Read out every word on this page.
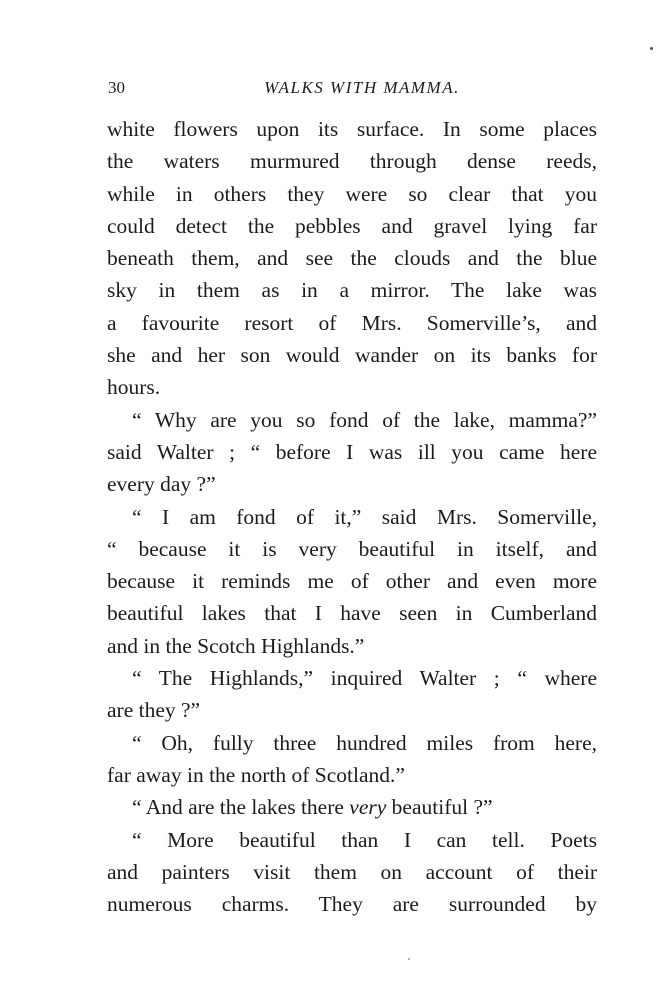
30	WALKS WITH MAMMA.
white flowers upon its surface. In some places
the waters murmured through dense reeds,
while in others they were so clear that you
could detect the pebbles and gravel lying far
beneath them, and see the clouds and the blue
sky in them as in a mirror. The lake was
a favourite resort of Mrs. Somerville’s, and
she and her son would wander on its banks for
hours.
“ Why are you so fond of the lake, mamma?”
said Walter ; “ before I was ill you came here
every day ?”
“ I am fond of it,” said Mrs. Somerville,
“ because it is very beautiful in itself, and
because it reminds me of other and even more
beautiful lakes that I have seen in Cumberland
and in the Scotch Highlands.”
“ The Highlands,” inquired Walter ; “ where
are they ?”
“ Oh, fully three hundred miles from here,
far away in the north of Scotland.”
“ And are the lakes there very beautiful ?”
“ More beautiful than I can tell. Poets
and painters visit them on account of their
numerous charms. They are surrounded by
